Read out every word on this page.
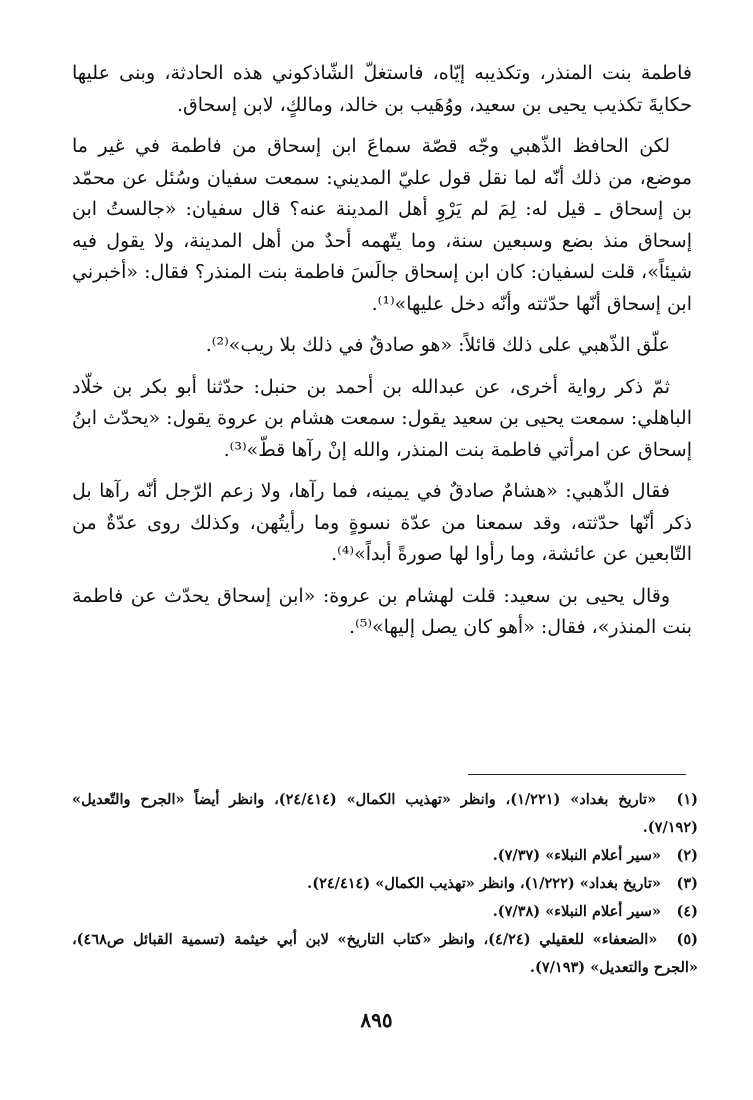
فاطمة بنت المنذر، وتكذيبه إيّاه، فاستغلّ الشّاذكوني هذه الحادثة، وبنى عليها حكايةَ تكذيب يحيى بن سعيد، ووُهَيب بن خالد، ومالكٍ، لابن إسحاق.

لكن الحافظ الذّهبي وجّه قصّة سماعَ ابن إسحاق من فاطمة في غير ما موضع، من ذلك أنّه لما نقل قول عليّ المديني: سمعت سفيان وسُئل عن محمّد بن إسحاق ـ قيل له: لِمَ لم يَرْوِ أهل المدينة عنه؟ قال سفيان: «جالستُ ابن إسحاق منذ بضع وسبعين سنة، وما يتّهمه أحدٌ من أهل المدينة، ولا يقول فيه شيئاً»، قلت لسفيان: كان ابن إسحاق جالَسَ فاطمة بنت المنذر؟ فقال: «أخبرني ابن إسحاق أنّها حدّثته وأنّه دخل عليها»⁽¹⁾.

علّق الذّهبي على ذلك قائلاً: «هو صادقٌ في ذلك بلا ريب»⁽²⁾.

ثمّ ذكر رواية أخرى، عن عبدالله بن أحمد بن حنبل: حدّثنا أبو بكر بن خلّاد الباهلي: سمعت يحيى بن سعيد يقول: سمعت هشام بن عروة يقول: «يحدّث ابنُ إسحاق عن امرأتي فاطمة بنت المنذر، والله إنْ رآها قطّ»⁽³⁾.

فقال الذّهبي: «هشامٌ صادقٌ في يمينه، فما رآها، ولا زعم الرّجل أنّه رآها بل ذكر أنّها حدّثته، وقد سمعنا من عدّة نسوةٍ وما رأيتُهن، وكذلك روى عدّةٌ من التّابعين عن عائشة، وما رأوا لها صورةً أبداً»⁽⁴⁾.

وقال يحيى بن سعيد: قلت لهشام بن عروة: «ابن إسحاق يحدّث عن فاطمة بنت المنذر»، فقال: «أهو كان يصل إليها»⁽⁵⁾.

(١) «تاريخ بغداد» (١/٢٢١)، وانظر «تهذيب الكمال» (٢٤/٤١٤)، وانظر أيضاً «الجرح والتّعديل» (٧/١٩٢).

(٢) «سير أعلام النبلاء» (٧/٣٧).

(٣) «تاريخ بغداد» (١/٢٢٢)، وانظر «تهذيب الكمال» (٢٤/٤١٤).

(٤) «سير أعلام النبلاء» (٧/٣٨).

(٥) «الضعفاء» للعقيلي (٤/٢٤)، وانظر «كتاب التاريخ» لابن أبي خيثمة (تسمية القبائل ص٤٦٨)، «الجرح والتعديل» (٧/١٩٣).

٨٩٥
